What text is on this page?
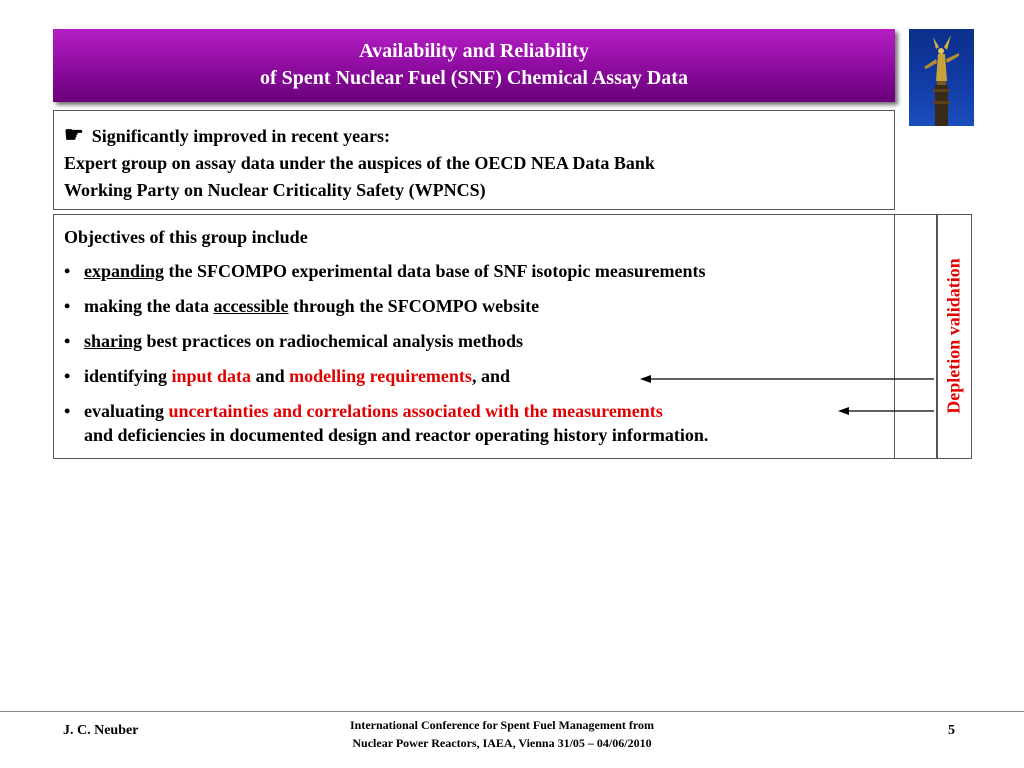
Availability and Reliability
of Spent Nuclear Fuel (SNF) Chemical Assay Data
☛ Significantly improved in recent years:
Expert group on assay data under the auspices of the OECD NEA Data Bank
Working Party on Nuclear Criticality Safety (WPNCS)
Objectives of this group include
• expanding the SFCOMPO experimental data base of SNF isotopic measurements
• making the data accessible through the SFCOMPO website
• sharing best practices on radiochemical analysis methods
• identifying input data and modelling requirements, and
• evaluating uncertainties and correlations associated with the measurements
and deficiencies in documented design and reactor operating history information.
Depletion validation
J. C. Neuber	International Conference for Spent Fuel Management from
Nuclear Power Reactors, IAEA, Vienna 31/05 – 04/06/2010
5
